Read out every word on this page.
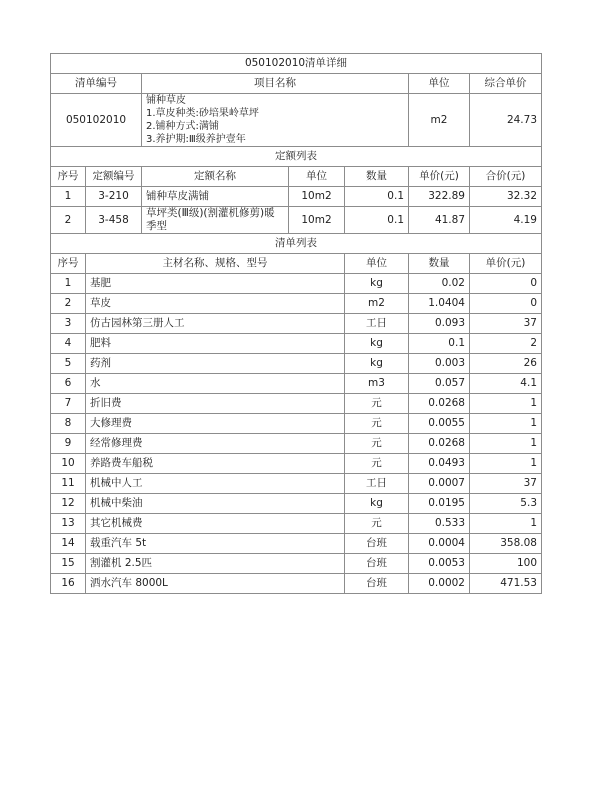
050102010清单详细							
清单编号		项目名称			单位	综合单价	
050102010		铺种草皮
1.草皮种类:砂培果岭草坪
2.铺种方式:满铺
3.养护期:Ⅲ级养护壹年			m2	24.73	
定额列表							
序号	定额编号	定额名称	单位	数量	单价(元)	合价(元)	
1	3-210	铺种草皮满铺	10m2	0.1	322.89	32.32	
2	3-458	草坪类(Ⅲ级)(割灌机修剪)暖季型	10m2	0.1	41.87	4.19	
清单列表							
序号	主材名称、规格、型号			单位	数量	单价(元)	
1	基肥			kg	0.02	0	
2	草皮			m2	1.0404	0	
3	仿古园林第三册人工			工日	0.093	37	
4	肥料			kg	0.1	2	
5	药剂			kg	0.003	26	
6	水			m3	0.057	4.1	
7	折旧费			元	0.0268	1	
8	大修理费			元	0.0055	1	
9	经常修理费			元	0.0268	1	
10	养路费车船税			元	0.0493	1	
11	机械中人工			工日	0.0007	37	
12	机械中柴油			kg	0.0195	5.3	
13	其它机械费			元	0.533	1	
14	载重汽车 5t			台班	0.0004	358.08	
15	割灌机 2.5匹			台班	0.0053	100	
16	洒水汽车 8000L			台班	0.0002	471.53	
